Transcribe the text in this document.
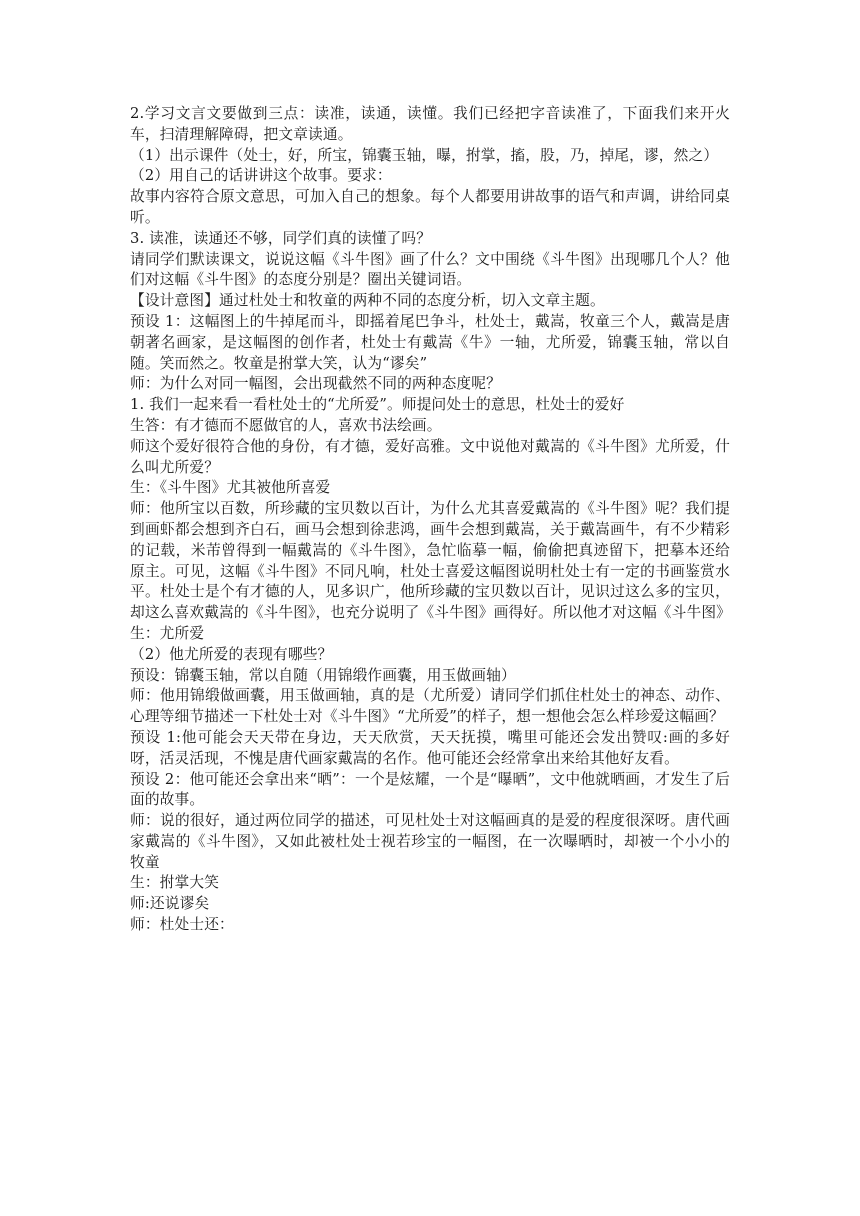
2.学习文言文要做到三点：读准，读通，读懂。我们已经把字音读准了，下面我们来开火车，扫清理解障碍，把文章读通。

（1）出示课件（处士，好，所宝，锦囊玉轴，曝，拊掌，搐，股，乃，掉尾，谬，然之）

（2）用自己的话讲讲这个故事。要求：

故事内容符合原文意思，可加入自己的想象。每个人都要用讲故事的语气和声调，讲给同桌听。

3. 读准，读通还不够，同学们真的读懂了吗？

请同学们默读课文，说说这幅《斗牛图》画了什么？文中围绕《斗牛图》出现哪几个人？他们对这幅《斗牛图》的态度分别是？圈出关键词语。

【设计意图】通过杜处士和牧童的两种不同的态度分析，切入文章主题。

预设 1：这幅图上的牛掉尾而斗，即摇着尾巴争斗，杜处士，戴嵩，牧童三个人，戴嵩是唐朝著名画家，是这幅图的创作者，杜处士有戴嵩《牛》一轴，尤所爱，锦囊玉轴，常以自随。笑而然之。牧童是拊掌大笑，认为“谬矣”

师：为什么对同一幅图，会出现截然不同的两种态度呢？

1. 我们一起来看一看杜处士的“尤所爱”。师提问处士的意思，杜处士的爱好

生答：有才德而不愿做官的人，喜欢书法绘画。

师这个爱好很符合他的身份，有才德，爱好高雅。文中说他对戴嵩的《斗牛图》尤所爱，什么叫尤所爱？

生：《斗牛图》尤其被他所喜爱

师：他所宝以百数，所珍藏的宝贝数以百计，为什么尤其喜爱戴嵩的《斗牛图》呢？我们提到画虾都会想到齐白石，画马会想到徐悲鸿，画牛会想到戴嵩，关于戴嵩画牛，有不少精彩的记载，米芾曾得到一幅戴嵩的《斗牛图》，急忙临摹一幅，偷偷把真迹留下，把摹本还给原主。可见，这幅《斗牛图》不同凡响，杜处士喜爱这幅图说明杜处士有一定的书画鉴赏水平。杜处士是个有才德的人，见多识广，他所珍藏的宝贝数以百计，见识过这么多的宝贝，却这么喜欢戴嵩的《斗牛图》，也充分说明了《斗牛图》画得好。所以他才对这幅《斗牛图》

生：尤所爱

（2）他尤所爱的表现有哪些？

预设：锦囊玉轴，常以自随（用锦缎作画囊，用玉做画轴）

师：他用锦缎做画囊，用玉做画轴，真的是（尤所爱）请同学们抓住杜处士的神态、动作、心理等细节描述一下杜处士对《斗牛图》“尤所爱”的样子，想一想他会怎么样珍爱这幅画？

预设 1:他可能会天天带在身边，天天欣赏，天天抚摸，嘴里可能还会发出赞叹:画的多好呀，活灵活现，不愧是唐代画家戴嵩的名作。他可能还会经常拿出来给其他好友看。

预设 2：他可能还会拿出来“晒”：一个是炫耀，一个是“曝晒”，文中他就晒画，才发生了后面的故事。

师：说的很好，通过两位同学的描述，可见杜处士对这幅画真的是爱的程度很深呀。唐代画家戴嵩的《斗牛图》，又如此被杜处士视若珍宝的一幅图，在一次曝晒时，却被一个小小的牧童

生：拊掌大笑

师:还说谬矣

师：杜处士还：
